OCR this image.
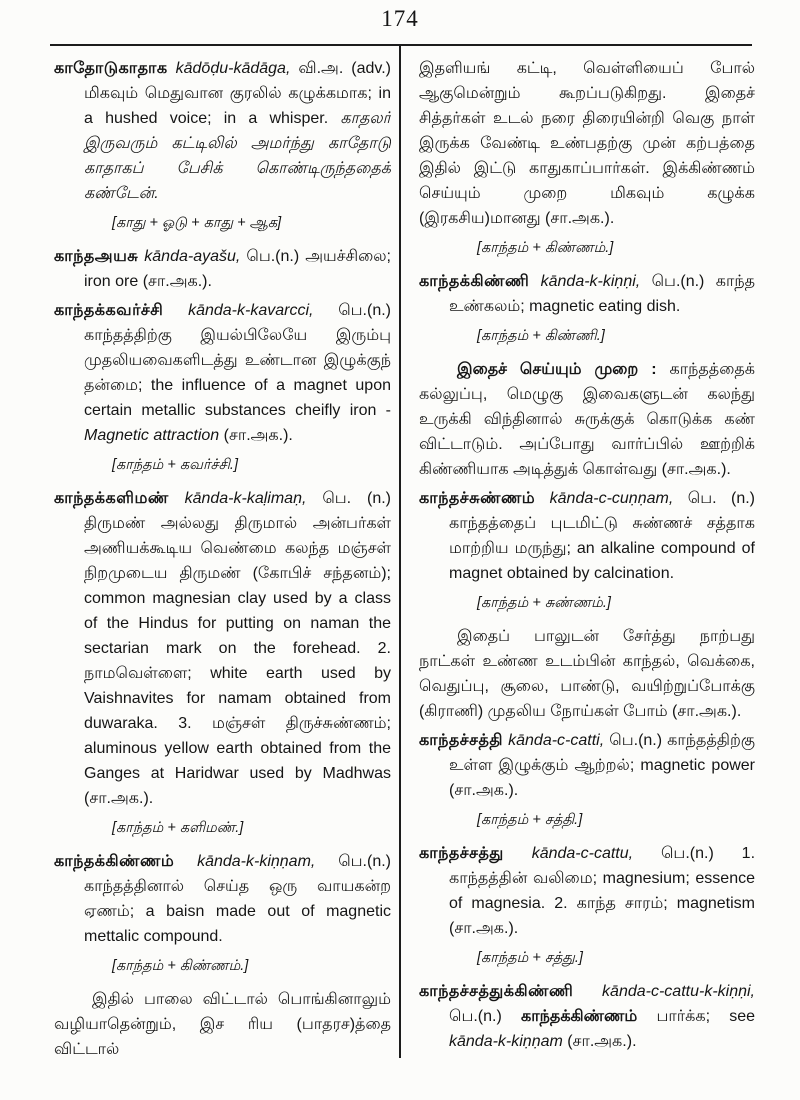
174

காதோடுகாதாக kādōḍu-kādāga, வி.அ. (adv.) மிகவும் மெதுவான குரலில் கழுக்கமாக; in a hushed voice; in a whisper. காதலர் இருவரும் கட்டிலில் அமர்ந்து காதோடு காதாகப் பேசிக் கொண்டிருந்ததைக் கண்டேன்.

[காது + ஓடு + காது + ஆக]

காந்தஅயசு kānda-ayašu, பெ.(n.) அயச்சிலை; iron ore (சா.அக.).

காந்தக்கவர்ச்சி kānda-k-kavarcci, பெ.(n.) காந்தத்திற்கு இயல்பிலேயே இரும்பு முதலியவைகளிடத்து உண்டான இழுக்குந் தன்மை; the influence of a magnet upon certain metallic substances cheifly iron - Magnetic attraction (சா.அக.).

[காந்தம் + கவர்ச்சி.]

காந்தக்களிமண் kānda-k-kaḷimaṇ, பெ. (n.) திருமண் அல்லது திருமால் அன்பர்கள் அணியக்கூடிய வெண்மை கலந்த மஞ்சள் நிறமுடைய திருமண் (கோபிச் சந்தனம்); common magnesian clay used by a class of the Hindus for putting on naman the sectarian mark on the forehead. 2. நாமவெள்ளை; white earth used by Vaishnavites for namam obtained from duwaraka. 3. மஞ்சள் திருச்சுண்ணம்; aluminous yellow earth obtained from the Ganges at Haridwar used by Madhwas (சா.அக.).

[காந்தம் + களிமண்.]

காந்தக்கிண்ணம் kānda-k-kiṇṇam, பெ.(n.) காந்தத்தினால் செய்த ஒரு வாயகன்ற ஏணம்; a baisn made out of magnetic mettalic compound.

[காந்தம் + கிண்ணம்.]

இதில் பாலை விட்டால் பொங்கினாலும் வழியாதென்றும், இச ரிய (பாதரச)த்தை விட்டால்

இதளியங் கட்டி, வெள்ளியைப் போல் ஆகுமென்றும் கூறப்படுகிறது. இதைச் சித்தர்கள் உடல் நரை திரையின்றி வெகு நாள் இருக்க வேண்டி உண்பதற்கு முன் கற்பத்தை இதில் இட்டு காதுகாப்பார்கள். இக்கிண்ணம் செய்யும் முறை மிகவும் கழுக்க (இரகசிய)மானது (சா.அக.).

[காந்தம் + கிண்ணம்.]

காந்தக்கிண்ணி kānda-k-kiṇṇi, பெ.(n.) காந்த உண்கலம்; magnetic eating dish.

[காந்தம் + கிண்ணி.]

இதைச் செய்யும் முறை : காந்தத்தைக் கல்லுப்பு, மெழுகு இவைகளுடன் கலந்து உருக்கி விந்தினால் சுருக்குக் கொடுக்க கண் விட்டாடும். அப்போது வார்ப்பில் ஊற்றிக் கிண்ணியாக அடித்துக் கொள்வது (சா.அக.).

காந்தச்சுண்ணம் kānda-c-cuṇṇam, பெ. (n.) காந்தத்தைப் புடமிட்டு சுண்ணச் சத்தாக மாற்றிய மருந்து; an alkaline compound of magnet obtained by calcination.

[காந்தம் + சுண்ணம்.]

இதைப் பாலுடன் சேர்த்து நாற்பது நாட்கள் உண்ண உடம்பின் காந்தல், வெக்கை, வெதுப்பு, சூலை, பாண்டு, வயிற்றுப்போக்கு (கிராணி) முதலிய நோய்கள் போம் (சா.அக.).

காந்தச்சத்தி kānda-c-catti, பெ.(n.) காந்தத்திற்கு உள்ள இழுக்கும் ஆற்றல்; magnetic power (சா.அக.).

[காந்தம் + சத்தி.]

காந்தச்சத்து kānda-c-cattu, பெ.(n.) 1. காந்தத்தின் வலிமை; magnesium; essence of magnesia. 2. காந்த சாரம்; magnetism (சா.அக.).

[காந்தம் + சத்து.]

காந்தச்சத்துக்கிண்ணி kānda-c-cattu-k-kiṇṇi, பெ.(n.) காந்தக்கிண்ணம் பார்க்க; see kānda-k-kiṇṇam (சா.அக.).
